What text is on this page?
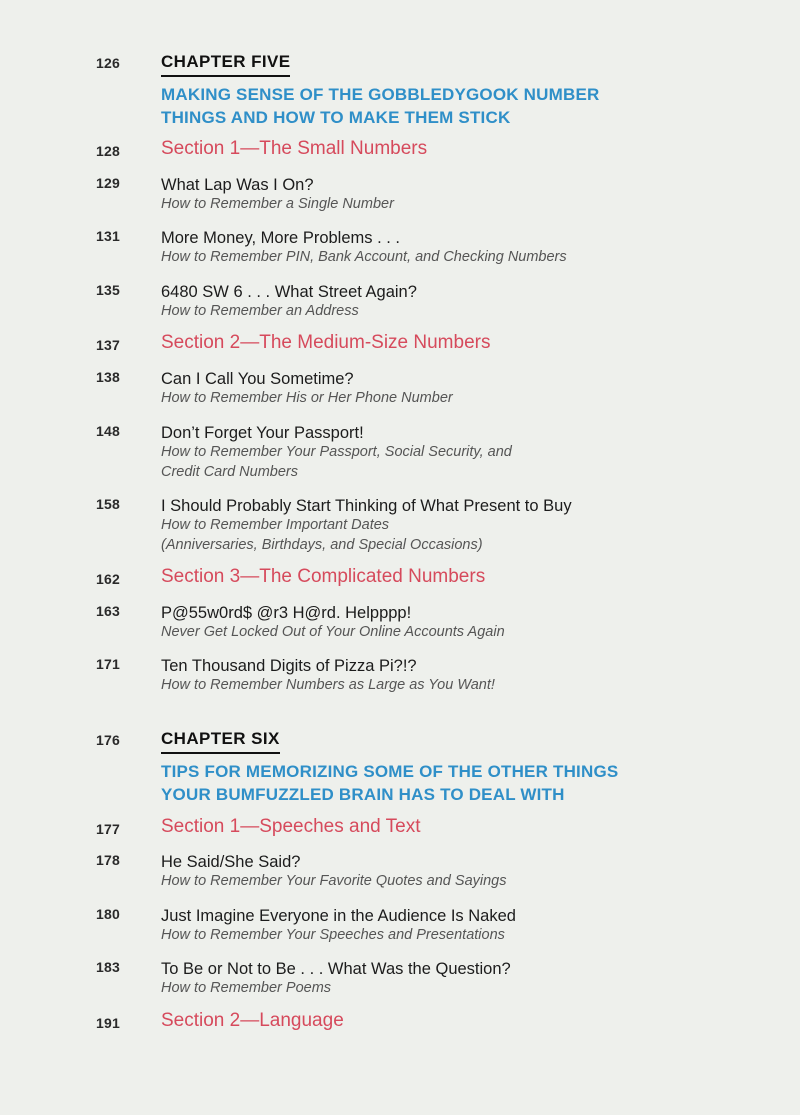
126 CHAPTER FIVE
MAKING SENSE OF THE GOBBLEDYGOOK NUMBER
THINGS AND HOW TO MAKE THEM STICK
128 Section 1—The Small Numbers
129 What Lap Was I On?
How to Remember a Single Number
131 More Money, More Problems . . .
How to Remember PIN, Bank Account, and Checking Numbers
135 6480 SW 6 . . . What Street Again?
How to Remember an Address
137 Section 2—The Medium-Size Numbers
138 Can I Call You Sometime?
How to Remember His or Her Phone Number
148 Don’t Forget Your Passport!
How to Remember Your Passport, Social Security, and
Credit Card Numbers
158 I Should Probably Start Thinking of What Present to Buy
How to Remember Important Dates
(Anniversaries, Birthdays, and Special Occasions)
162 Section 3—The Complicated Numbers
163 P@55w0rd$ @r3 H@rd. Helpppp!
Never Get Locked Out of Your Online Accounts Again
171 Ten Thousand Digits of Pizza Pi?!?
How to Remember Numbers as Large as You Want!
176 CHAPTER SIX
TIPS FOR MEMORIZING SOME OF THE OTHER THINGS
YOUR BUMFUZZLED BRAIN HAS TO DEAL WITH
177 Section 1—Speeches and Text
178 He Said/She Said?
How to Remember Your Favorite Quotes and Sayings
180 Just Imagine Everyone in the Audience Is Naked
How to Remember Your Speeches and Presentations
183 To Be or Not to Be . . . What Was the Question?
How to Remember Poems
191 Section 2—Language
